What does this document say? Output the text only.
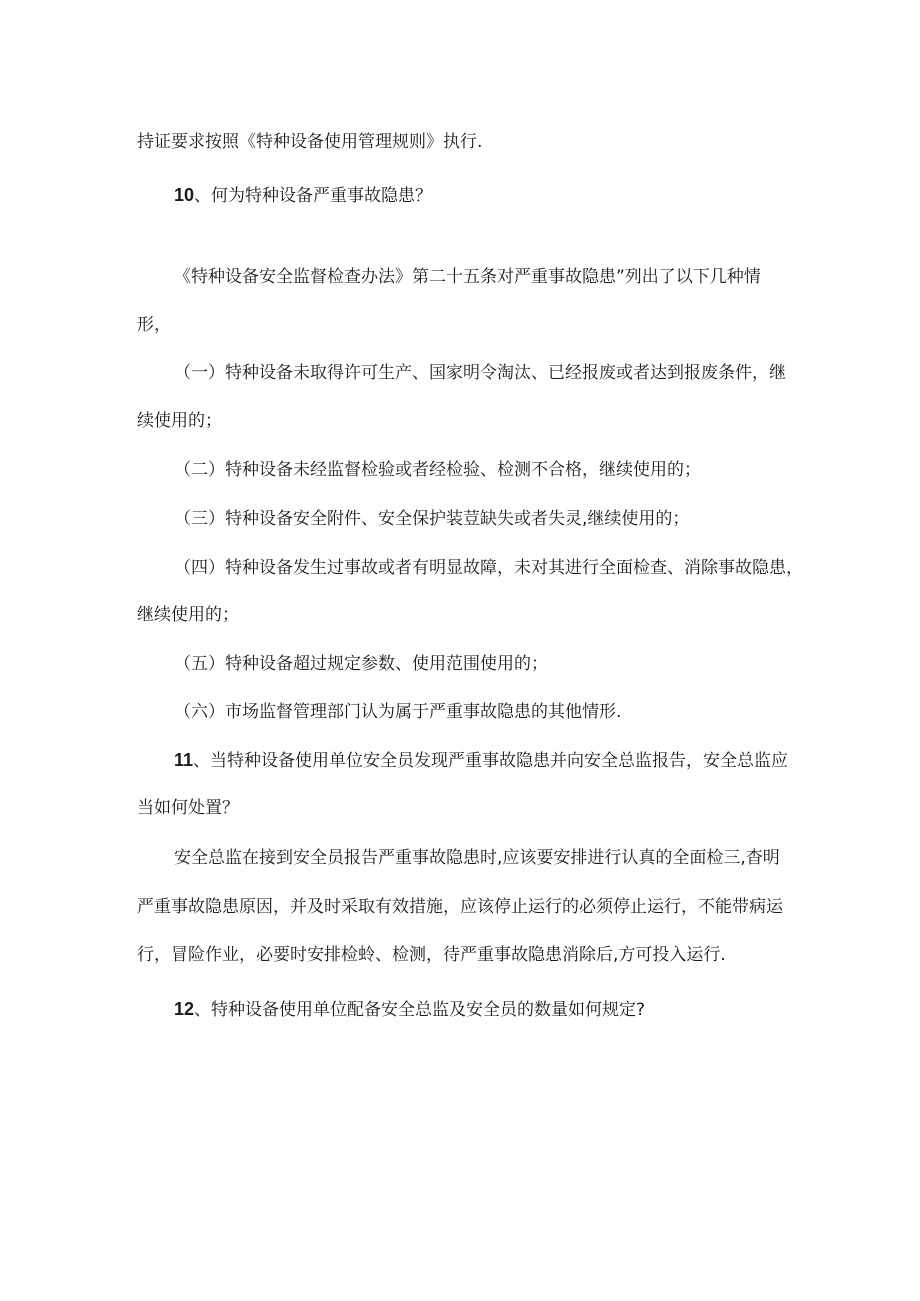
持证要求按照《特种设备使用管理规则》执行.
10、何为特种设备严重事故隐患？
《特种设备安全监督检查办法》第二十五条对严重事故隐患”列出了以下几种情
形，
（一）特种设备未取得许可生产、国家明令淘汰、已经报废或者达到报废条件，继
续使用的；
（二）特种设备未经监督检验或者经检验、检测不合格，继续使用的；
（三）特种设备安全附件、安全保护装荳缺失或者失灵,继续使用的；
（四）特种设备发生过事故或者有明显故障，未对其进行全面检查、消除事故隐患，
继续使用的；
（五）特种设备超过规定参数、使用范围使用的；
（六）市场监督管理部门认为属于严重事故隐患的其他情形.
11、当特种设备使用单位安全员发现严重事故隐患并向安全总监报告，安全总监应
当如何处置？
安全总监在接到安全员报告严重事故隐患时,应该要安排进行认真的全面检三,杳明
严重事故隐患原因，并及时采取有效措施，应该停止运行的必须停止运行，不能带病运
行，冒险作业，必要时安排检蛉、检测，待严重事故隐患消除后,方可投入运行.
12、特种设备使用单位配备安全总监及安全员的数量如何规定?
